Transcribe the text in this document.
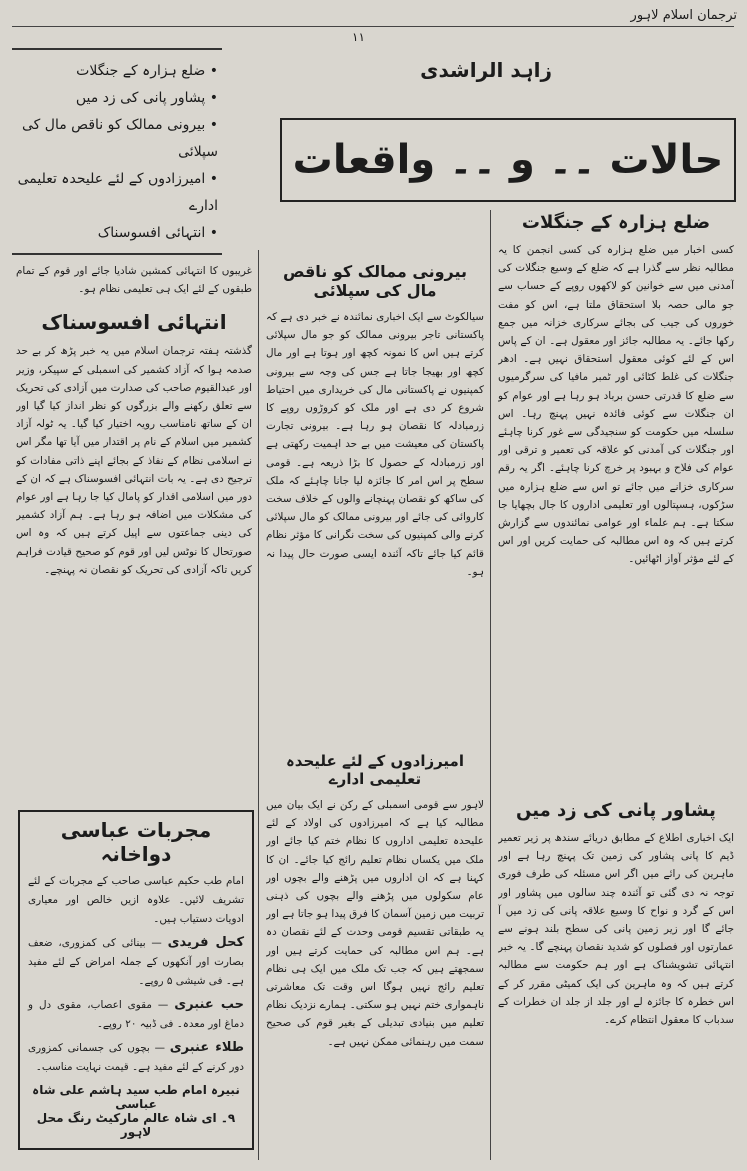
ترجمان اسلام لاہور
۱۱
زاہد الراشدی
حالات ۔۔ و ۔۔ واقعات
• ضلع ہزارہ کے جنگلات
• پشاور پانی کی زد میں
• بیرونی ممالک کو ناقص مال کی سپلائی
• امیرزادوں کے لئے علیحدہ تعلیمی ادارے
• انتہائی افسوسناک	ضلع ہزارہ کے جنگلات
کسی اخبار میں ضلع ہزارہ کی کسی انجمن کا یہ مطالبہ نظر سے گذرا ہے کہ ضلع کے وسیع جنگلات کی آمدنی میں سے خوانین کو لاکھوں روپے کے حساب سے جو مالی حصہ بلا استحقاق ملتا ہے، اس کو مفت خوروں کی جیب کی بجائے سرکاری خزانہ میں جمع رکھا جائے۔ یہ مطالبہ جائز اور معقول ہے۔ ان کے پاس اس کے لئے کوئی معقول استحقاق نہیں ہے۔ ادھر جنگلات کی غلط کٹائی اور ٹمبر مافیا کی سرگرمیوں سے ضلع کا قدرتی حسن برباد ہو رہا ہے اور عوام کو ان جنگلات سے کوئی فائدہ نہیں پہنچ رہا۔ اس سلسلہ میں حکومت کو سنجیدگی سے غور کرنا چاہئے اور جنگلات کی آمدنی کو علاقہ کی تعمیر و ترقی اور عوام کی فلاح و بہبود پر خرچ کرنا چاہئے۔ اگر یہ رقم سرکاری خزانے میں جائے تو اس سے ضلع ہزارہ میں سڑکوں، ہسپتالوں اور تعلیمی اداروں کا جال بچھایا جا سکتا ہے۔ ہم علماء اور عوامی نمائندوں سے گزارش کرتے ہیں کہ وہ اس مطالبہ کی حمایت کریں اور اس کے لئے مؤثر آواز اٹھائیں۔
پشاور پانی کی زد میں
ایک اخباری اطلاع کے مطابق دریائے سندھ پر زیر تعمیر ڈیم کا پانی پشاور کی زمین تک پہنچ رہا ہے اور ماہرین کی رائے میں اگر اس مسئلہ کی طرف فوری توجہ نہ دی گئی تو آئندہ چند سالوں میں پشاور اور اس کے گرد و نواح کا وسیع علاقہ پانی کی زد میں آ جائے گا اور زیر زمین پانی کی سطح بلند ہونے سے عمارتوں اور فصلوں کو شدید نقصان پہنچے گا۔ یہ خبر انتہائی تشویشناک ہے اور ہم حکومت سے مطالبہ کرتے ہیں کہ وہ ماہرین کی ایک کمیٹی مقرر کر کے اس خطرہ کا جائزہ لے اور جلد از جلد ان خطرات کے سدباب کا معقول انتظام کرے۔
بیرونی ممالک کو ناقص مال کی سپلائی
سیالکوٹ سے ایک اخباری نمائندہ نے خبر دی ہے کہ پاکستانی تاجر بیرونی ممالک کو جو مال سپلائی کرتے ہیں اس کا نمونہ کچھ اور ہوتا ہے اور مال کچھ اور بھیجا جاتا ہے جس کی وجہ سے بیرونی کمپنیوں نے پاکستانی مال کی خریداری میں احتیاط شروع کر دی ہے اور ملک کو کروڑوں روپے کا زرمبادلہ کا نقصان ہو رہا ہے۔ بیرونی تجارت پاکستان کی معیشت میں بے حد اہمیت رکھتی ہے اور زرمبادلہ کے حصول کا بڑا ذریعہ ہے۔ قومی سطح پر اس امر کا جائزہ لیا جانا چاہئے کہ ملک کی ساکھ کو نقصان پہنچانے والوں کے خلاف سخت کاروائی کی جائے اور بیرونی ممالک کو مال سپلائی کرنے والی کمپنیوں کی سخت نگرانی کا مؤثر نظام قائم کیا جائے تاکہ آئندہ ایسی صورت حال پیدا نہ ہو۔
امیرزادوں کے لئے علیحدہ تعلیمی ادارے
لاہور سے قومی اسمبلی کے رکن نے ایک بیان میں مطالبہ کیا ہے کہ امیرزادوں کی اولاد کے لئے علیحدہ تعلیمی اداروں کا نظام ختم کیا جائے اور ملک میں یکساں نظام تعلیم رائج کیا جائے۔ ان کا کہنا ہے کہ ان اداروں میں پڑھنے والے بچوں اور عام سکولوں میں پڑھنے والے بچوں کی ذہنی تربیت میں زمین آسمان کا فرق پیدا ہو جاتا ہے اور یہ طبقاتی تقسیم قومی وحدت کے لئے نقصان دہ ہے۔ ہم اس مطالبہ کی حمایت کرتے ہیں اور سمجھتے ہیں کہ جب تک ملک میں ایک ہی نظام تعلیم رائج نہیں ہوگا اس وقت تک معاشرتی ناہمواری ختم نہیں ہو سکتی۔ ہمارے نزدیک نظام تعلیم میں بنیادی تبدیلی کے بغیر قوم کی صحیح سمت میں رہنمائی ممکن نہیں ہے۔
غریبوں کا انتہائی کمشین شادیا جائے اور قوم کے تمام طبقوں کے لئے ایک ہی تعلیمی نظام ہو۔
انتہائی افسوسناک
گذشتہ ہفتہ ترجمان اسلام میں یہ خبر پڑھ کر بے حد صدمہ ہوا کہ آزاد کشمیر کی اسمبلی کے سپیکر، وزیر اور عبدالقیوم صاحب کی صدارت میں آزادی کی تحریک سے تعلق رکھنے والے بزرگوں کو نظر انداز کیا گیا اور ان کے ساتھ نامناسب رویہ اختیار کیا گیا۔ یہ ٹولہ آزاد کشمیر میں اسلام کے نام پر اقتدار میں آیا تھا مگر اس نے اسلامی نظام کے نفاذ کے بجائے اپنے ذاتی مفادات کو ترجیح دی ہے۔ یہ بات انتہائی افسوسناک ہے کہ ان کے دور میں اسلامی اقدار کو پامال کیا جا رہا ہے اور عوام کی مشکلات میں اضافہ ہو رہا ہے۔ ہم آزاد کشمیر کی دینی جماعتوں سے اپیل کرتے ہیں کہ وہ اس صورتحال کا نوٹس لیں اور قوم کو صحیح قیادت فراہم کریں تاکہ آزادی کی تحریک کو نقصان نہ پہنچے۔
مجربات عباسی دواخانہ
امام طب حکیم عباسی صاحب کے مجربات کے لئے تشریف لائیں۔ علاوہ ازیں خالص اور معیاری ادویات دستیاب ہیں۔
کحل فریدی — بینائی کی کمزوری، ضعف بصارت اور آنکھوں کے جملہ امراض کے لئے مفید ہے۔ فی شیشی ۵ روپے۔
حب عنبری — مقوی اعصاب، مقوی دل و دماغ اور معدہ۔ فی ڈبیہ ۲۰ روپے۔
طلاء عنبری — بچوں کی جسمانی کمزوری دور کرنے کے لئے مفید ہے۔ قیمت نہایت مناسب۔
نبیرہ امام طب سید ہاشم علی شاہ عباسی
۹۔ ای شاہ عالم مارکیٹ رنگ محل لاہور
